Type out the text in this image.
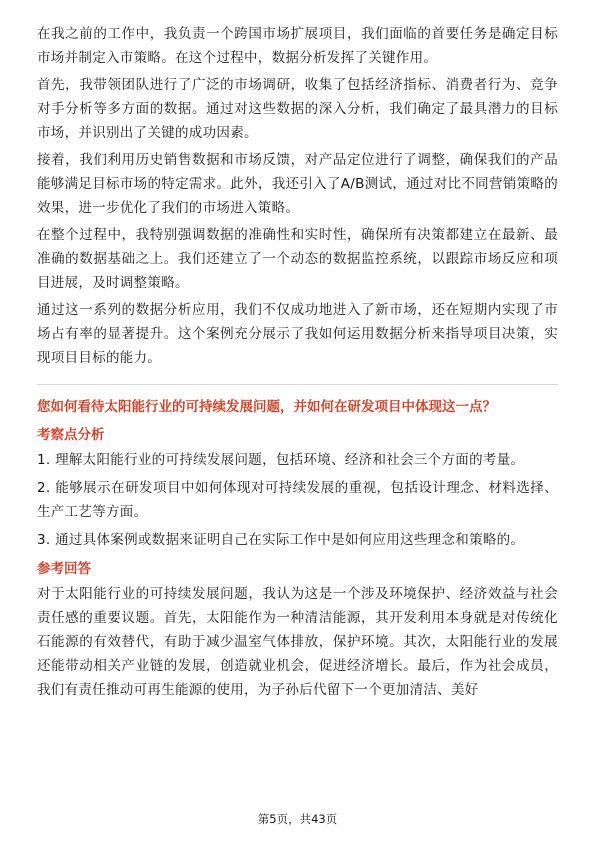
在我之前的工作中，我负责一个跨国市场扩展项目，我们面临的首要任务是确定目标市场并制定入市策略。在这个过程中，数据分析发挥了关键作用。

首先，我带领团队进行了广泛的市场调研，收集了包括经济指标、消费者行为、竞争对手分析等多方面的数据。通过对这些数据的深入分析，我们确定了最具潜力的目标市场，并识别出了关键的成功因素。

接着，我们利用历史销售数据和市场反馈，对产品定位进行了调整，确保我们的产品能够满足目标市场的特定需求。此外，我还引入了A/B测试，通过对比不同营销策略的效果，进一步优化了我们的市场进入策略。

在整个过程中，我特别强调数据的准确性和实时性，确保所有决策都建立在最新、最准确的数据基础之上。我们还建立了一个动态的数据监控系统，以跟踪市场反应和项目进展，及时调整策略。

通过这一系列的数据分析应用，我们不仅成功地进入了新市场，还在短期内实现了市场占有率的显著提升。这个案例充分展示了我如何运用数据分析来指导项目决策，实现项目目标的能力。

您如何看待太阳能行业的可持续发展问题，并如何在研发项目中体现这一点？

考察点分析

1. 理解太阳能行业的可持续发展问题，包括环境、经济和社会三个方面的考量。

2. 能够展示在研发项目中如何体现对可持续发展的重视，包括设计理念、材料选择、生产工艺等方面。

3. 通过具体案例或数据来证明自己在实际工作中是如何应用这些理念和策略的。

参考回答

对于太阳能行业的可持续发展问题，我认为这是一个涉及环境保护、经济效益与社会责任感的重要议题。首先，太阳能作为一种清洁能源，其开发利用本身就是对传统化石能源的有效替代，有助于减少温室气体排放，保护环境。其次，太阳能行业的发展还能带动相关产业链的发展，创造就业机会，促进经济增长。最后，作为社会成员，我们有责任推动可再生能源的使用，为子孙后代留下一个更加清洁、美好

第5页，共43页
